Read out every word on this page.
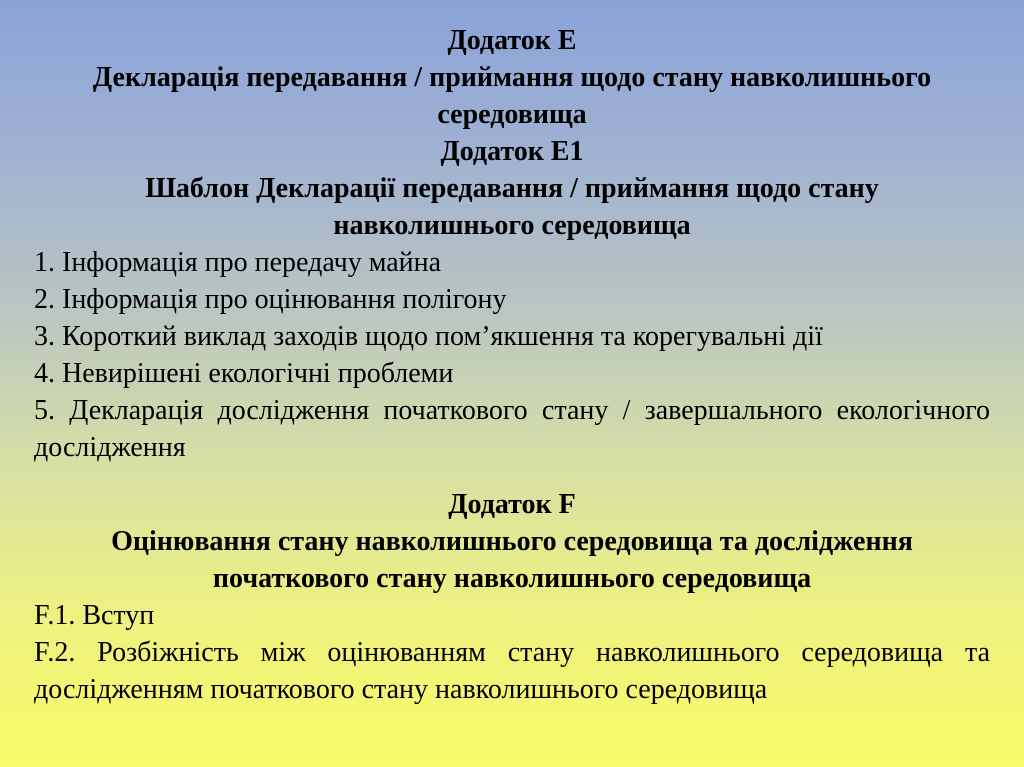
Додаток Е
Декларація передавання / приймання щодо стану навколишнього
середовища
Додаток Е1
Шаблон Декларації передавання / приймання щодо стану
навколишнього середовища
1. Інформація про передачу майна
2. Інформація про оцінювання полігону
3. Короткий виклад заходів щодо пом’якшення та корегувальні дії
4. Невирішені екологічні проблеми
5. Декларація дослідження початкового стану / завершального екологічного дослідження
Додаток F
Оцінювання стану навколишнього середовища та дослідження
початкового стану навколишнього середовища
F.1. Вступ
F.2. Розбіжність між оцінюванням стану навколишнього середовища та дослідженням початкового стану навколишнього середовища
